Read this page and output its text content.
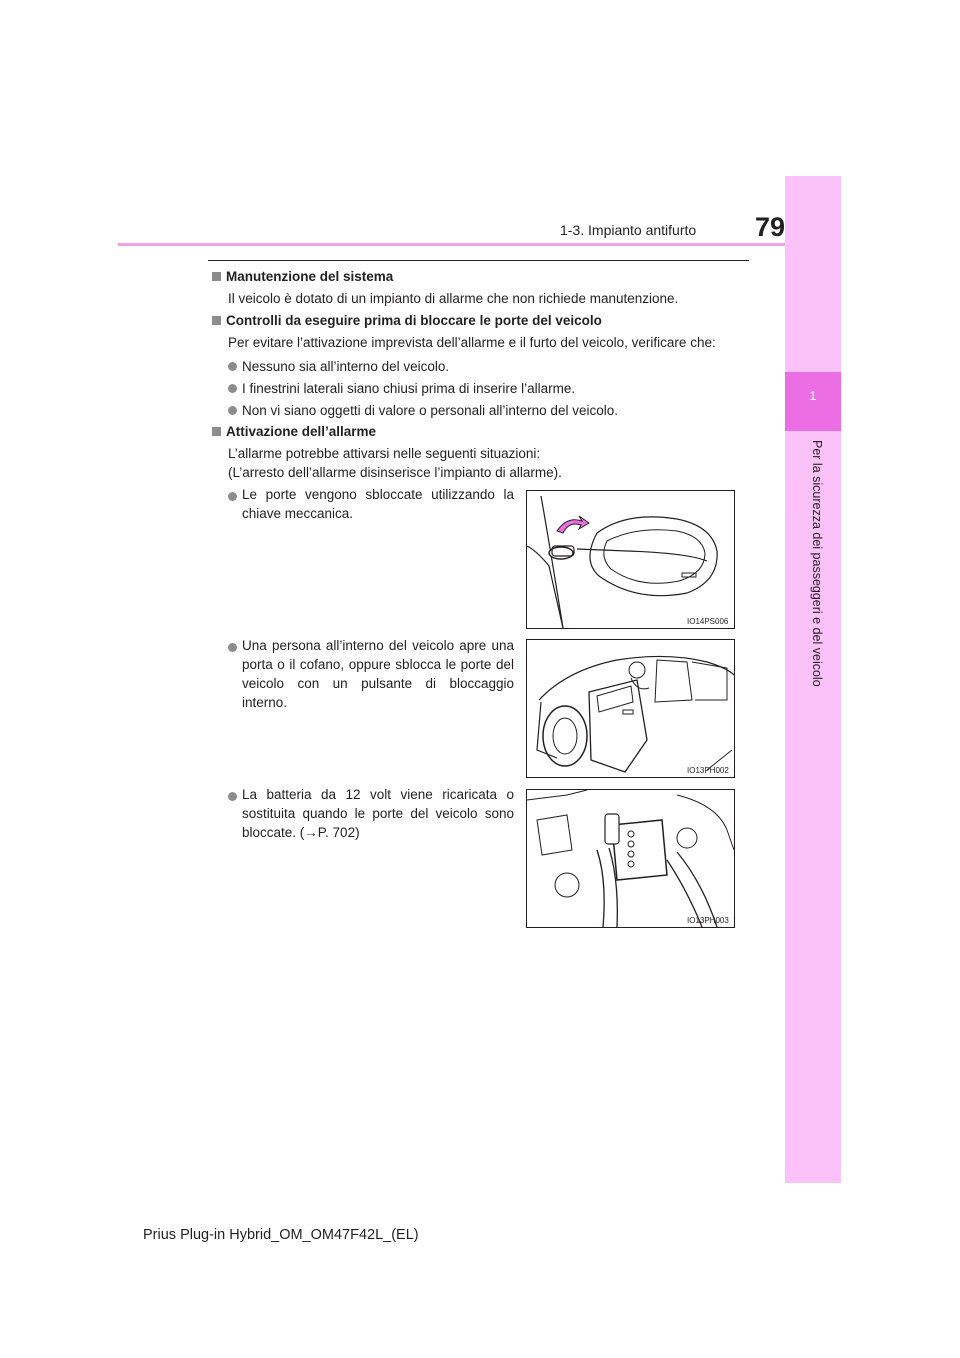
1
Per la sicurezza dei passeggeri e del veicolo
1-3. Impianto antifurto 79
Manutenzione del sistema
Il veicolo è dotato di un impianto di allarme che non richiede manutenzione.
Controlli da eseguire prima di bloccare le porte del veicolo
Per evitare l’attivazione imprevista dell’allarme e il furto del veicolo, verificare che:
Nessuno sia all’interno del veicolo.
I finestrini laterali siano chiusi prima di inserire l’allarme.
Non vi siano oggetti di valore o personali all’interno del veicolo.
Attivazione dell’allarme
L’allarme potrebbe attivarsi nelle seguenti situazioni:
(L’arresto dell’allarme disinserisce l’impianto di allarme).
Le porte vengono sbloccate utilizzando la chiave meccanica.
IO14PS006
Una persona all’interno del veicolo apre una porta o il cofano, oppure sblocca le porte del veicolo con un pulsante di bloccaggio interno.
IO13PH002
La batteria da 12 volt viene ricaricata o sostituita quando le porte del veicolo sono bloccate. (→P. 702)
IO13PH003
Prius Plug-in Hybrid_OM_OM47F42L_(EL)
